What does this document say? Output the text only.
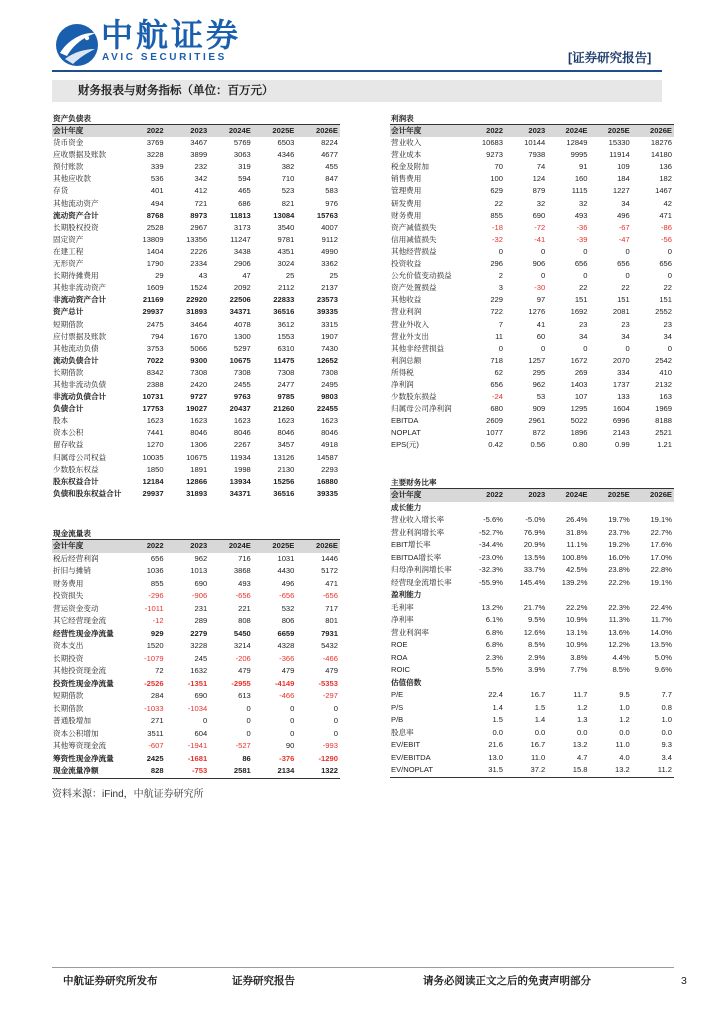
中航证券
AVIC SECURITIES	[证券研究报告]
财务报表与财务指标（单位：百万元）
资产负债表
会计年度	2022	2023	2024E	2025E	2026E
货币资金	3769	3467	5769	6503	8224
应收票据及账款	3228	3899	3063	4346	4677
预付账款	339	232	319	382	455
其他应收款	536	342	594	710	847
存货	401	412	465	523	583
其他流动资产	494	721	686	821	976
流动资产合计	8768	8973	11813	13084	15763
长期股权投资	2528	2967	3173	3540	4007
固定资产	13809	13356	11247	9781	9112
在建工程	1404	2226	3438	4351	4990
无形资产	1790	2334	2906	3024	3362
长期待摊费用	29	43	47	25	25
其他非流动资产	1609	1524	2092	2112	2137
非流动资产合计	21169	22920	22506	22833	23573
资产总计	29937	31893	34371	36516	39335
短期借款	2475	3464	4078	3612	3315
应付票据及账款	794	1670	1300	1553	1907
其他流动负债	3753	5066	5297	6310	7430
流动负债合计	7022	9300	10675	11475	12652
长期借款	8342	7308	7308	7308	7308
其他非流动负债	2388	2420	2455	2477	2495
非流动负债合计	10731	9727	9763	9785	9803
负债合计	17753	19027	20437	21260	22455
股本	1623	1623	1623	1623	1623
资本公积	7441	8046	8046	8046	8046
留存收益	1270	1306	2267	3457	4918
归属母公司权益	10035	10675	11934	13126	14587
少数股东权益	1850	1891	1998	2130	2293
股东权益合计	12184	12866	13934	15256	16880
负债和股东权益合计	29937	31893	34371	36516	39335
现金流量表
会计年度	2022	2023	2024E	2025E	2026E
税后经营利润	656	962	716	1031	1446
折旧与摊销	1036	1013	3868	4430	5172
财务费用	855	690	493	496	471
投资损失	-296	-906	-656	-656	-656
营运资金变动	-1011	231	221	532	717
其它经营现金流	-12	289	808	806	801
经营性现金净流量	929	2279	5450	6659	7931
资本支出	1520	3228	3214	4328	5432
长期投资	-1079	245	-206	-366	-466
其他投资现金流	72	1632	479	479	479
投资性现金净流量	-2526	-1351	-2955	-4149	-5353
短期借款	284	690	613	-466	-297
长期借款	-1033	-1034	0	0	0
普通股增加	271	0	0	0	0
资本公积增加	3511	604	0	0	0
其他筹资现金流	-607	-1941	-527	90	-993
筹资性现金净流量	2425	-1681	86	-376	-1290
现金流量净额	828	-753	2581	2134	1322
利润表
会计年度	2022	2023	2024E	2025E	2026E
营业收入	10683	10144	12849	15330	18276
营业成本	9273	7938	9995	11914	14180
税金及附加	70	74	91	109	136
销售费用	100	124	160	184	182
管理费用	629	879	1115	1227	1467
研发费用	22	32	32	34	42
财务费用	855	690	493	496	471
资产减值损失	-18	-72	-36	-67	-86
信用减值损失	-32	-41	-39	-47	-56
其他经营损益	0	0	0	0	0
投资收益	296	906	656	656	656
公允价值变动损益	2	0	0	0	0
资产处置损益	3	-30	22	22	22
其他收益	229	97	151	151	151
营业利润	722	1276	1692	2081	2552
营业外收入	7	41	23	23	23
营业外支出	11	60	34	34	34
其他非经营损益	0	0	0	0	0
利润总额	718	1257	1672	2070	2542
所得税	62	295	269	334	410
净利润	656	962	1403	1737	2132
少数股东损益	-24	53	107	133	163
归属母公司净利润	680	909	1295	1604	1969
EBITDA	2609	2961	5022	6996	8188
NOPLAT	1077	872	1896	2143	2521
EPS(元)	0.42	0.56	0.80	0.99	1.21
主要财务比率
会计年度	2022	2023	2024E	2025E	2026E
成长能力
营业收入增长率	-5.6%	-5.0%	26.4%	19.7%	19.1%
营业利润增长率	-52.7%	76.9%	31.8%	23.7%	22.7%
EBIT增长率	-34.4%	20.9%	11.1%	19.2%	17.6%
EBITDA增长率	-23.0%	13.5%	100.8%	16.0%	17.0%
归母净利润增长率	-32.3%	33.7%	42.5%	23.8%	22.8%
经营现金流增长率	-55.9%	145.4%	139.2%	22.2%	19.1%
盈利能力
毛利率	13.2%	21.7%	22.2%	22.3%	22.4%
净利率	6.1%	9.5%	10.9%	11.3%	11.7%
营业利润率	6.8%	12.6%	13.1%	13.6%	14.0%
ROE	6.8%	8.5%	10.9%	12.2%	13.5%
ROA	2.3%	2.9%	3.8%	4.4%	5.0%
ROIC	5.5%	3.9%	7.7%	8.5%	9.6%
估值倍数
P/E	22.4	16.7	11.7	9.5	7.7
P/S	1.4	1.5	1.2	1.0	0.8
P/B	1.5	1.4	1.3	1.2	1.0
股息率	0.0	0.0	0.0	0.0	0.0
EV/EBIT	21.6	16.7	13.2	11.0	9.3
EV/EBITDA	13.0	11.0	4.7	4.0	3.4
EV/NOPLAT	31.5	37.2	15.8	13.2	11.2
资料来源：iFind，中航证券研究所
中航证券研究所发布	证券研究报告	请务必阅读正文之后的免责声明部分	3
